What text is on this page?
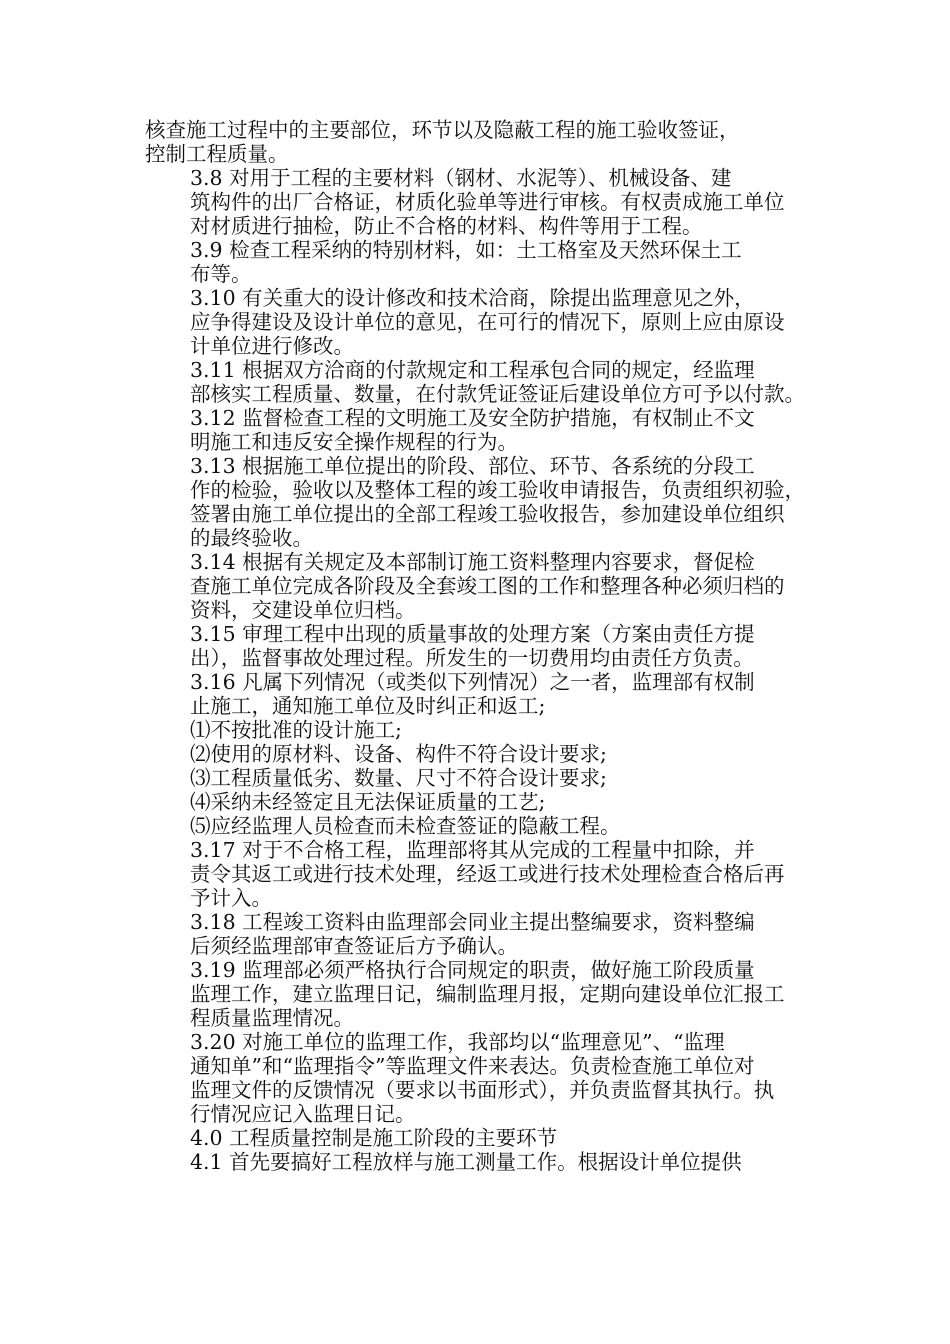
核查施工过程中的主要部位，环节以及隐蔽工程的施工验收签证，
控制工程质量。
3.8 对用于工程的主要材料（钢材、水泥等）、机械设备、建
筑构件的出厂合格证，材质化验单等进行审核。有权责成施工单位
对材质进行抽检，防止不合格的材料、构件等用于工程。
3.9 检查工程采纳的特别材料，如：土工格室及天然环保土工
布等。
3.10 有关重大的设计修改和技术洽商，除提出监理意见之外，
应争得建设及设计单位的意见，在可行的情况下，原则上应由原设
计单位进行修改。
3.11 根据双方洽商的付款规定和工程承包合同的规定，经监理
部核实工程质量、数量，在付款凭证签证后建设单位方可予以付款。
3.12 监督检查工程的文明施工及安全防护措施，有权制止不文
明施工和违反安全操作规程的行为。
3.13 根据施工单位提出的阶段、部位、环节、各系统的分段工
作的检验，验收以及整体工程的竣工验收申请报告，负责组织初验，
签署由施工单位提出的全部工程竣工验收报告，参加建设单位组织
的最终验收。
3.14 根据有关规定及本部制订施工资料整理内容要求，督促检
查施工单位完成各阶段及全套竣工图的工作和整理各种必须归档的
资料，交建设单位归档。
3.15 审理工程中出现的质量事故的处理方案（方案由责任方提
出），监督事故处理过程。所发生的一切费用均由责任方负责。
3.16 凡属下列情况（或类似下列情况）之一者，监理部有权制
止施工，通知施工单位及时纠正和返工;
⑴不按批准的设计施工;
⑵使用的原材料、设备、构件不符合设计要求;
⑶工程质量低劣、数量、尺寸不符合设计要求;
⑷采纳未经签定且无法保证质量的工艺;
⑸应经监理人员检查而未检查签证的隐蔽工程。
3.17 对于不合格工程，监理部将其从完成的工程量中扣除，并
责令其返工或进行技术处理，经返工或进行技术处理检查合格后再
予计入。
3.18 工程竣工资料由监理部会同业主提出整编要求，资料整编
后须经监理部审查签证后方予确认。
3.19 监理部必须严格执行合同规定的职责，做好施工阶段质量
监理工作，建立监理日记，编制监理月报，定期向建设单位汇报工
程质量监理情况。
3.20 对施工单位的监理工作，我部均以“监理意见”、“监理
通知单”和“监理指令”等监理文件来表达。负责检查施工单位对
监理文件的反馈情况（要求以书面形式），并负责监督其执行。执
行情况应记入监理日记。
4.0 工程质量控制是施工阶段的主要环节
4.1 首先要搞好工程放样与施工测量工作。根据设计单位提供
